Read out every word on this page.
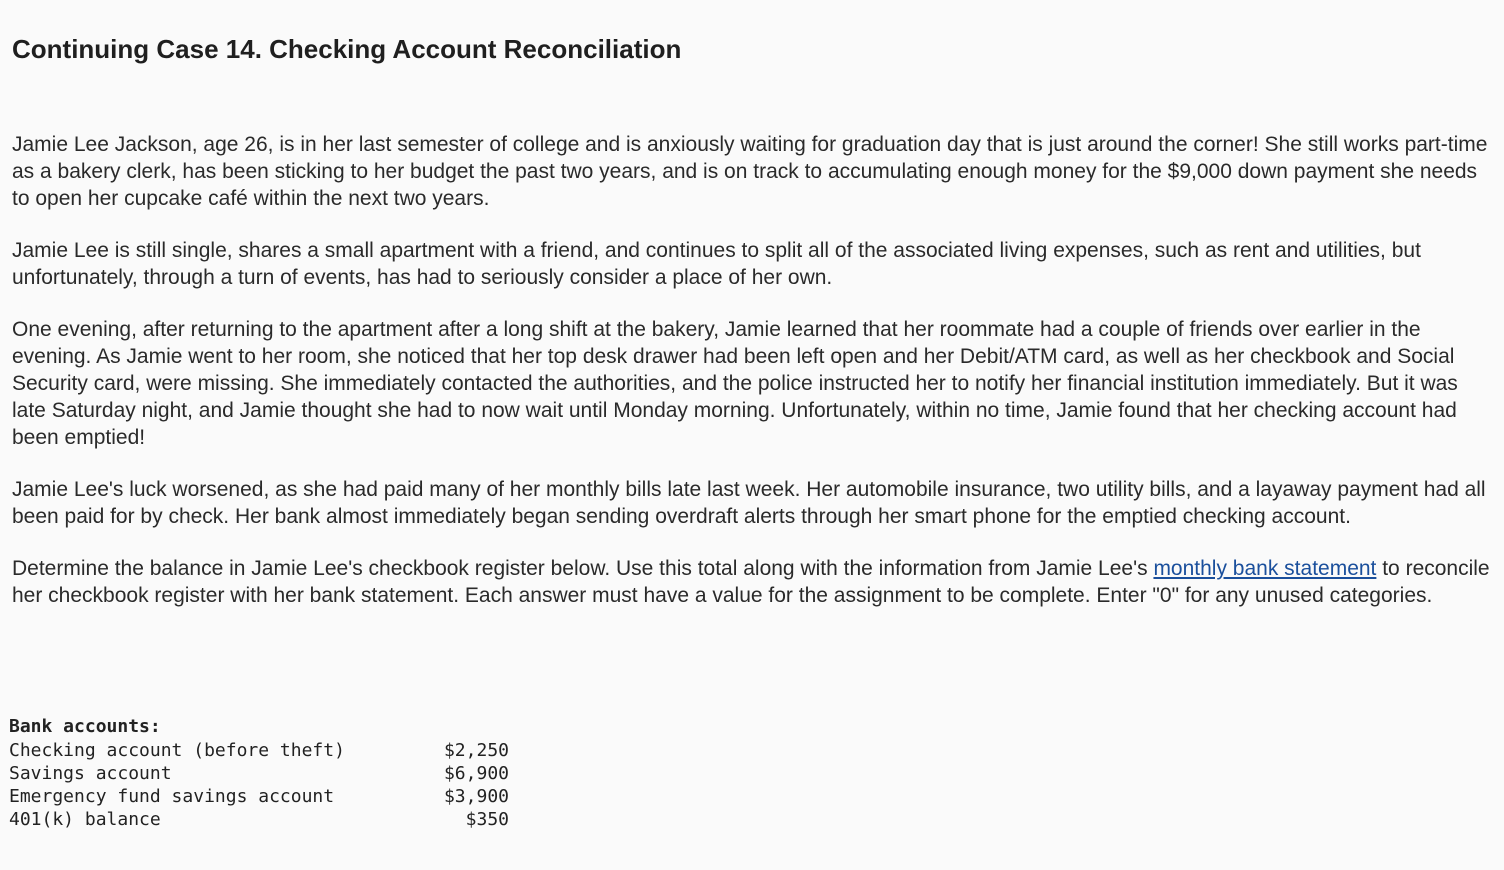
Continuing Case 14. Checking Account Reconciliation

Jamie Lee Jackson, age 26, is in her last semester of college and is anxiously waiting for graduation day that is just around the corner! She still works part-time as a bakery clerk, has been sticking to her budget the past two years, and is on track to accumulating enough money for the $9,000 down payment she needs to open her cupcake café within the next two years.

Jamie Lee is still single, shares a small apartment with a friend, and continues to split all of the associated living expenses, such as rent and utilities, but unfortunately, through a turn of events, has had to seriously consider a place of her own.

One evening, after returning to the apartment after a long shift at the bakery, Jamie learned that her roommate had a couple of friends over earlier in the evening. As Jamie went to her room, she noticed that her top desk drawer had been left open and her Debit/ATM card, as well as her checkbook and Social Security card, were missing. She immediately contacted the authorities, and the police instructed her to notify her financial institution immediately. But it was late Saturday night, and Jamie thought she had to now wait until Monday morning. Unfortunately, within no time, Jamie found that her checking account had been emptied!

Jamie Lee's luck worsened, as she had paid many of her monthly bills late last week. Her automobile insurance, two utility bills, and a layaway payment had all been paid for by check. Her bank almost immediately began sending overdraft alerts through her smart phone for the emptied checking account.

Determine the balance in Jamie Lee's checkbook register below. Use this total along with the information from Jamie Lee's monthly bank statement to reconcile her checkbook register with her bank statement. Each answer must have a value for the assignment to be complete. Enter "0" for any unused categories.

Bank accounts:
Checking account (before theft)	$2,250
Savings account	$6,900
Emergency fund savings account	$3,900
401(k) balance	$350
